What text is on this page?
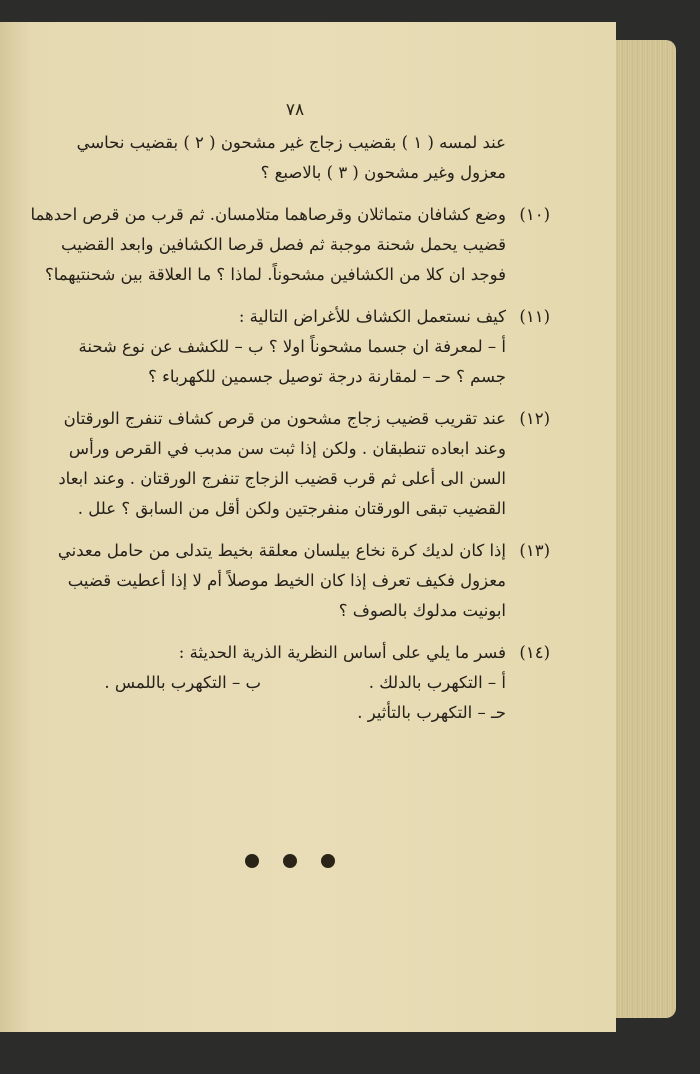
٧٨
عند لمسه ( ١ ) بقضيب زجاج غير مشحون ( ٢ ) بقضيب نحاسي
معزول وغير مشحون ( ٣ ) بالاصبع ؟
(١٠)وضع كشافان متماثلان وقرصاهما متلامسان. ثم قرب من قرص احدهما
قضيب يحمل شحنة موجبة ثم فصل قرصا الكشافين وابعد القضيب
فوجد ان كلا من الكشافين مشحوناً. لماذا ؟ ما العلاقة بين شحنتيهما؟
(١١)كيف نستعمل الكشاف للأغراض التالية :
ﺃ – لمعرفة ان جسما مشحوناً اولا ؟ ب – للكشف عن نوع شحنة
جسم ؟ حـ – لمقارنة درجة توصيل جسمين للكهرباء ؟
(١٢)عند تقريب قضيب زجاج مشحون من قرص كشاف تنفرج الورقتان
وعند ابعاده تنطبقان . ولكن إذا ثبت سن مدبب في القرص ورأس
السن الى أعلى ثم قرب قضيب الزجاج تنفرج الورقتان . وعند ابعاد
القضيب تبقى الورقتان منفرجتين ولكن أقل من السابق ؟ علل .
(١٣)إذا كان لديك كرة نخاع بيلسان معلقة بخيط يتدلى من حامل معدني
معزول فكيف تعرف إذا كان الخيط موصلاً أم لا إذا أعطيت قضيب
ابونيت مدلوك بالصوف ؟
(١٤)فسر ما يلي على أساس النظرية الذرية الحديثة :
ﺃ – التكهرب بالدلك .
ب – التكهرب باللمس .
حـ – التكهرب بالتأثير .
